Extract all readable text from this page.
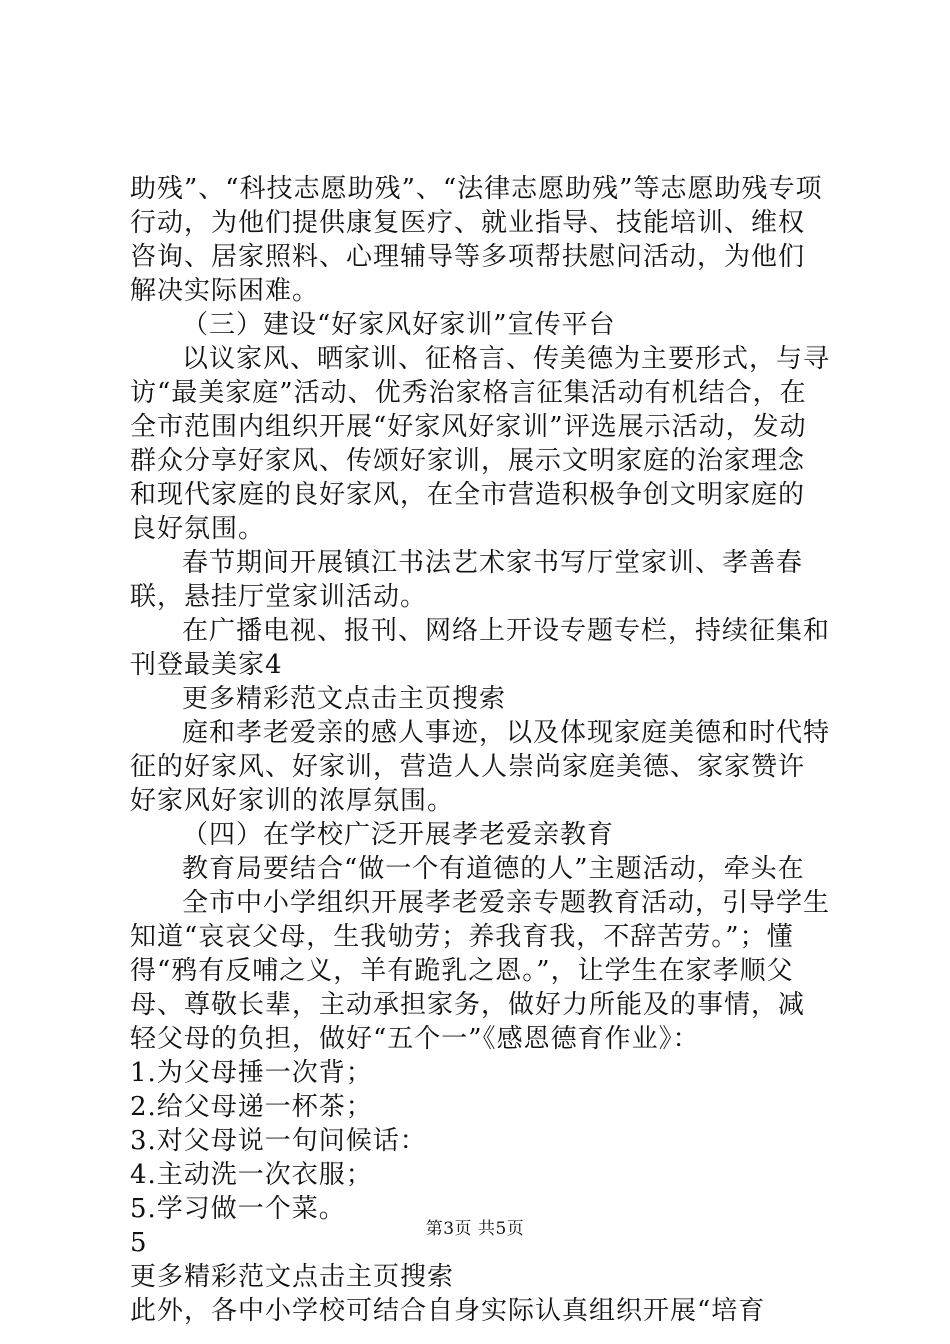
助残”、“科技志愿助残”、“法律志愿助残”等志愿助残专项行动，为他们提供康复医疗、就业指导、技能培训、维权咨询、居家照料、心理辅导等多项帮扶慰问活动，为他们解决实际困难。

（三）建设“好家风好家训”宣传平台

以议家风、晒家训、征格言、传美德为主要形式，与寻访“最美家庭”活动、优秀治家格言征集活动有机结合，在全市范围内组织开展“好家风好家训”评选展示活动，发动群众分享好家风、传颂好家训，展示文明家庭的治家理念和现代家庭的良好家风，在全市营造积极争创文明家庭的良好氛围。

春节期间开展镇江书法艺术家书写厅堂家训、孝善春联，悬挂厅堂家训活动。

在广播电视、报刊、网络上开设专题专栏，持续征集和刊登最美家4

更多精彩范文点击主页搜索

庭和孝老爱亲的感人事迹，以及体现家庭美德和时代特征的好家风、好家训，营造人人崇尚家庭美德、家家赞许好家风好家训的浓厚氛围。

（四）在学校广泛开展孝老爱亲教育

教育局要结合“做一个有道德的人”主题活动，牵头在

全市中小学组织开展孝老爱亲专题教育活动，引导学生知道“哀哀父母，生我劬劳；养我育我，不辞苦劳。”；懂得“鸦有反哺之义，羊有跪乳之恩。”，让学生在家孝顺父母、尊敬长辈，主动承担家务，做好力所能及的事情，减轻父母的负担，做好“五个一”《感恩德育作业》：

1.为父母捶一次背；

2.给父母递一杯茶；

3.对父母说一句问候话：

4.主动洗一次衣服；

5.学习做一个菜。

5

更多精彩范文点击主页搜索

此外，各中小学校可结合自身实际认真组织开展“培育

第3页 共5页
